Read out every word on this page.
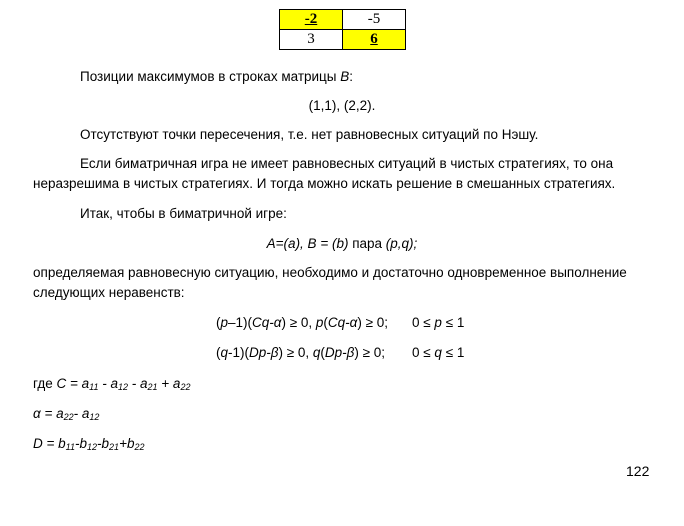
-2	-5
3	6
Позиции максимумов в строках матрицы B:
(1,1), (2,2).
Отсутствуют точки пересечения, т.е. нет равновесных ситуаций по Нэшу.
Если биматричная игра не имеет равновесных ситуаций в чистых стратегиях, то она
неразрешима в чистых стратегиях. И тогда можно искать решение в смешанных стратегиях.
Итак, чтобы в биматричной игре:
A=(a), B = (b) пара (p,q);
определяемая равновесную ситуацию, необходимо и достаточно одновременное выполнение
следующих неравенств:
(p–1)(Cq-α) ≥ 0, p(Cq-α) ≥ 0; 0 ≤ p ≤ 1
(q-1)(Dp-β) ≥ 0, q(Dp-β) ≥ 0; 0 ≤ q ≤ 1
где $C = a_{11} - a_{12} - a_{21} + a_{22}$
$\alpha = a_{22}-$ $a_{12}$
$D = b_{11}-b_{12}-b_{21}+b_{22}$
122
